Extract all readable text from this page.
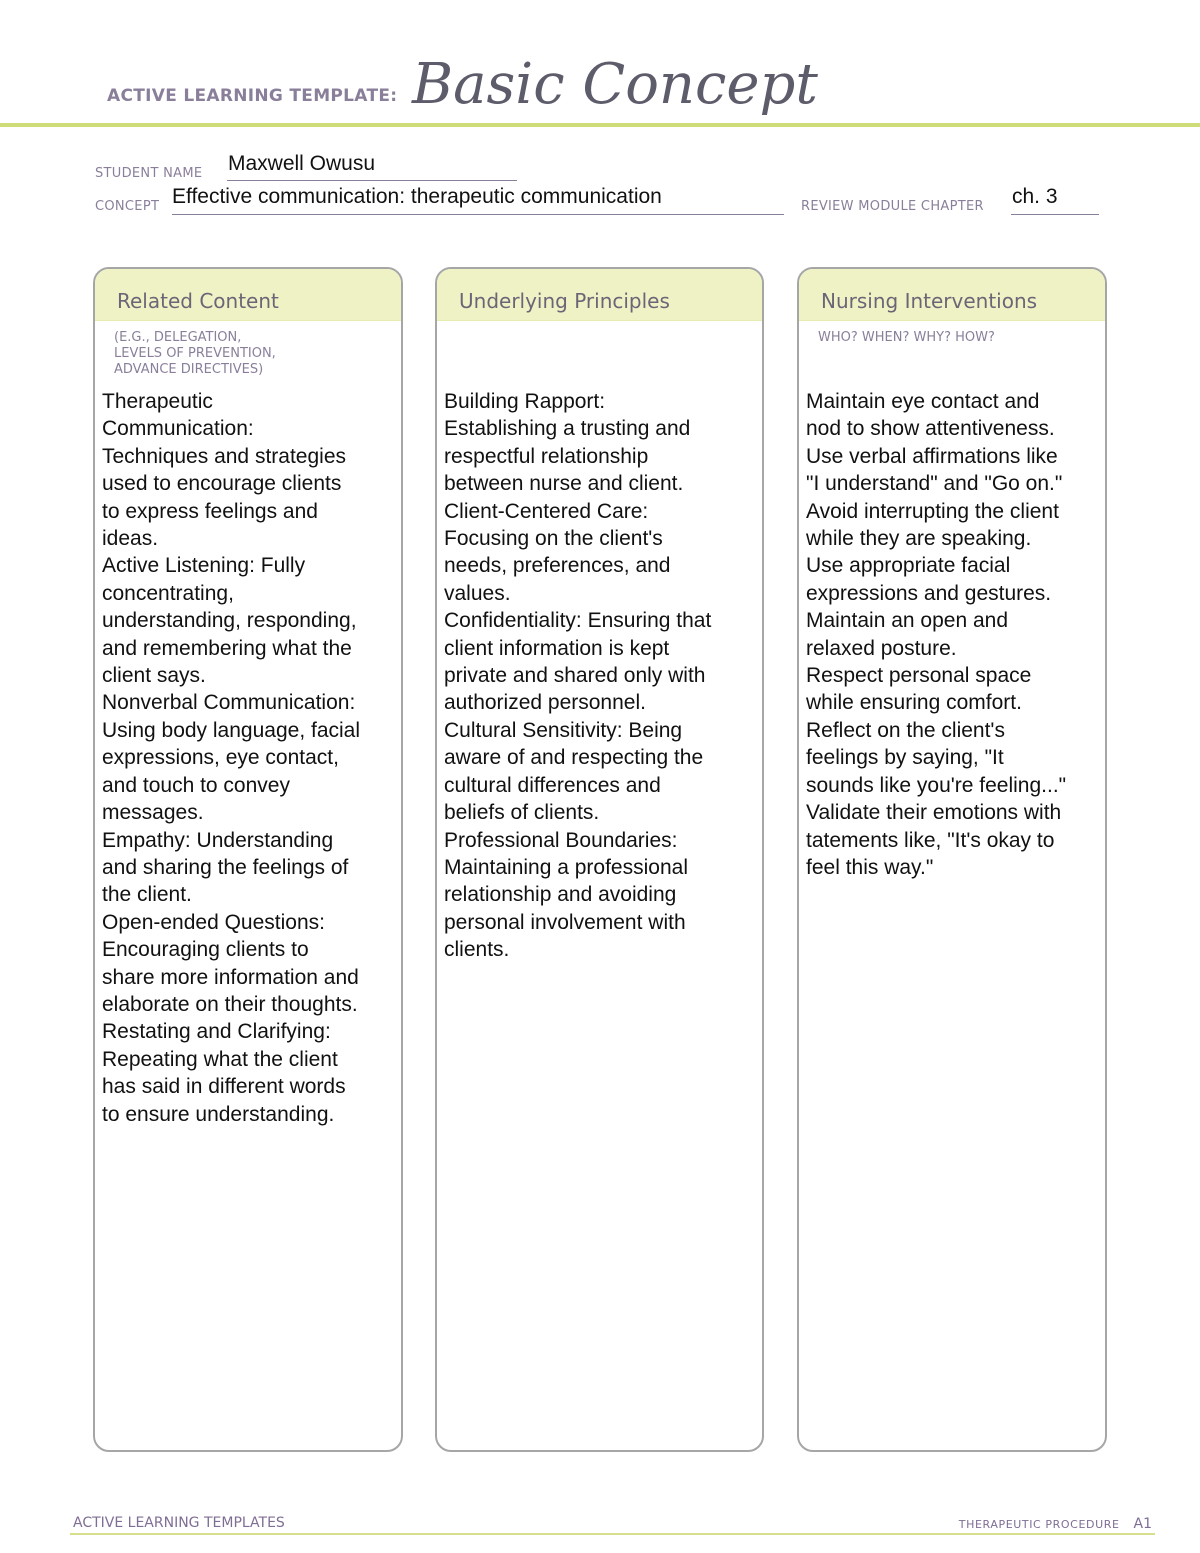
ACTIVE LEARNING TEMPLATE: Basic Concept
STUDENT NAME Maxwell Owusu
CONCEPT Effective communication: therapeutic communication	REVIEW MODULE CHAPTER ch. 3
Related Content
(E.G., DELEGATION,
LEVELS OF PREVENTION,
ADVANCE DIRECTIVES)

Therapeutic

Communication:

Techniques and strategies

used to encourage clients

to express feelings and

ideas.

Active Listening: Fully

concentrating,

understanding, responding,

and remembering what the

client says.

Nonverbal Communication:

Using body language, facial

expressions, eye contact,

and touch to convey

messages.

Empathy: Understanding

and sharing the feelings of

the client.

Open-ended Questions:

Encouraging clients to

share more information and

elaborate on their thoughts.

Restating and Clarifying:

Repeating what the client

has said in different words

to ensure understanding.

Underlying Principles

Building Rapport:

Establishing a trusting and

respectful relationship

between nurse and client.

Client-Centered Care:

Focusing on the client's

needs, preferences, and

values.

Confidentiality: Ensuring that

client information is kept

private and shared only with

authorized personnel.

Cultural Sensitivity: Being

aware of and respecting the

cultural differences and

beliefs of clients.

Professional Boundaries:

Maintaining a professional

relationship and avoiding

personal involvement with

clients.

Nursing Interventions
WHO? WHEN? WHY? HOW?

Maintain eye contact and

nod to show attentiveness.

Use verbal affirmations like

"I understand" and "Go on."

Avoid interrupting the client

while they are speaking.

Use appropriate facial

expressions and gestures.

Maintain an open and

relaxed posture.

Respect personal space

while ensuring comfort.

Reflect on the client's

feelings by saying, "It

sounds like you're feeling..."

Validate their emotions with

tatements like, "It's okay to

feel this way."

ACTIVE LEARNING TEMPLATES	THERAPEUTIC PROCEDURE A1
